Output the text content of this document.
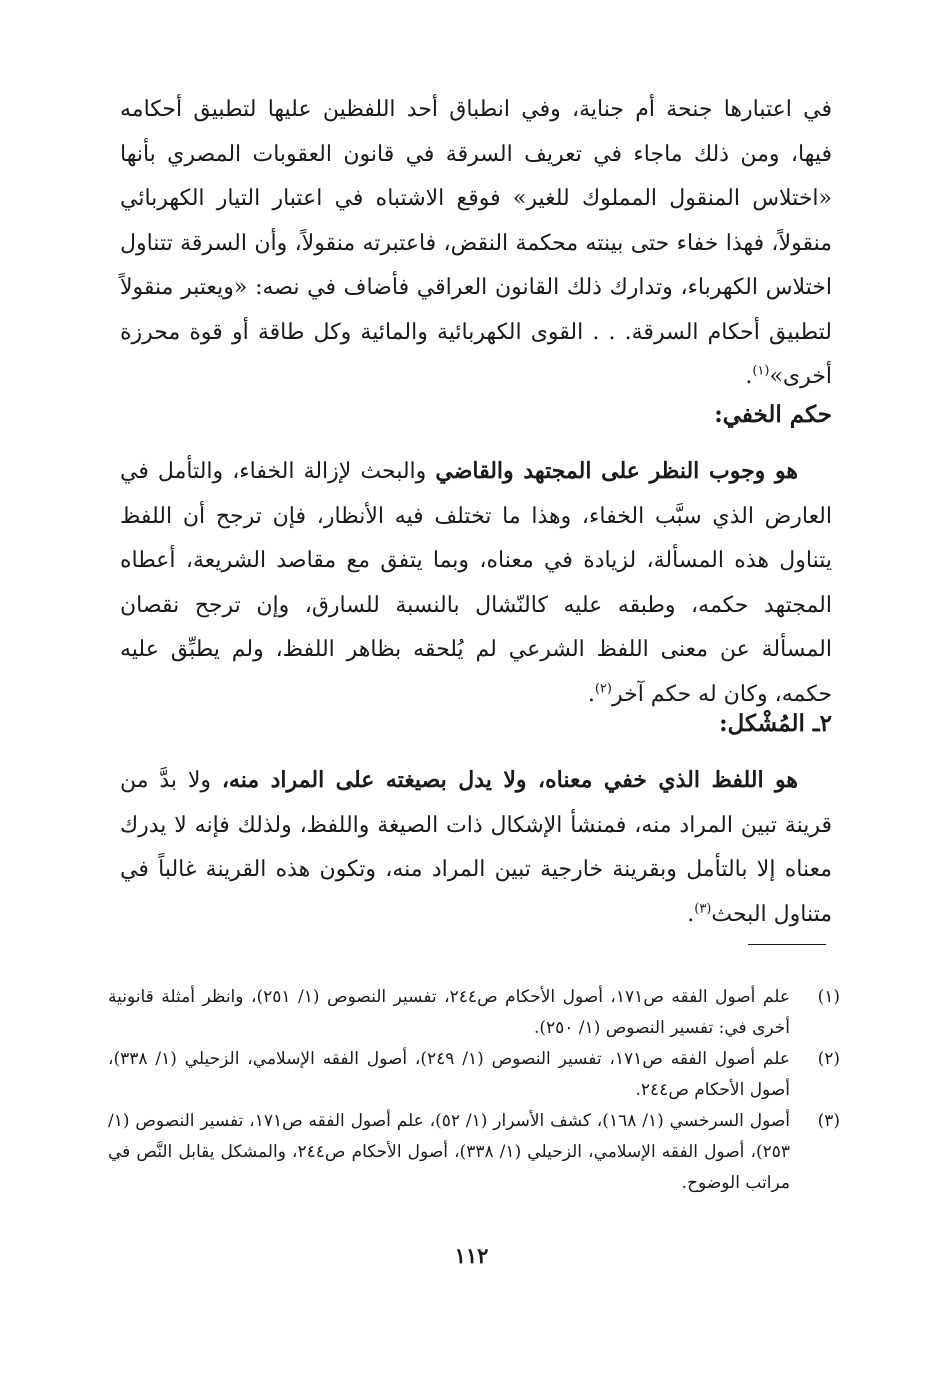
في اعتبارها جنحة أم جناية، وفي انطباق أحد اللفظين عليها لتطبيق أحكامه فيها، ومن ذلك ماجاء في تعريف السرقة في قانون العقوبات المصري بأنها «اختلاس المنقول المملوك للغير» فوقع الاشتباه في اعتبار التيار الكهربائي منقولاً، فهذا خفاء حتى بينته محكمة النقض، فاعتبرته منقولاً، وأن السرقة تتناول اختلاس الكهرباء، وتدارك ذلك القانون العراقي فأضاف في نصه: «ويعتبر منقولاً لتطبيق أحكام السرقة. . . القوى الكهربائية والمائية وكل طاقة أو قوة محرزة أخرى»$^{(١)}$.

حكم الخفي:

هو وجوب النظر على المجتهد والقاضي والبحث لإزالة الخفاء، والتأمل في العارض الذي سبَّب الخفاء، وهذا ما تختلف فيه الأنظار، فإن ترجح أن اللفظ يتناول هذه المسألة، لزيادة في معناه، وبما يتفق مع مقاصد الشريعة، أعطاه المجتهد حكمه، وطبقه عليه كالنّشال بالنسبة للسارق، وإن ترجح نقصان المسألة عن معنى اللفظ الشرعي لم يُلحقه بظاهر اللفظ، ولم يطبِّق عليه حكمه، وكان له حكم آخر$^{(٢)}$.

٢ـ المُشْكل:

هو اللفظ الذي خفي معناه، ولا يدل بصيغته على المراد منه، ولا بدَّ من قرينة تبين المراد منه، فمنشأ الإشكال ذات الصيغة واللفظ، ولذلك فإنه لا يدرك معناه إلا بالتأمل وبقرينة خارجية تبين المراد منه، وتكون هذه القرينة غالباً في متناول البحث$^{(٣)}$.

(١)
علم أصول الفقه ص١٧١، أصول الأحكام ص٢٤٤، تفسير النصوص (١/ ٢٥١)، وانظر أمثلة قانونية أخرى في: تفسير النصوص (١/ ٢٥٠).

(٢)
علم أصول الفقه ص١٧١، تفسير النصوص (١/ ٢٤٩)، أصول الفقه الإسلامي، الزحيلي (١/ ٣٣٨)، أصول الأحكام ص٢٤٤.

(٣)
أصول السرخسي (١/ ١٦٨)، كشف الأسرار (١/ ٥٢)، علم أصول الفقه ص١٧١، تفسير النصوص (١/ ٢٥٣)، أصول الفقه الإسلامي، الزحيلي (١/ ٣٣٨)، أصول الأحكام ص٢٤٤، والمشكل يقابل النَّص في مراتب الوضوح.

١١٢
